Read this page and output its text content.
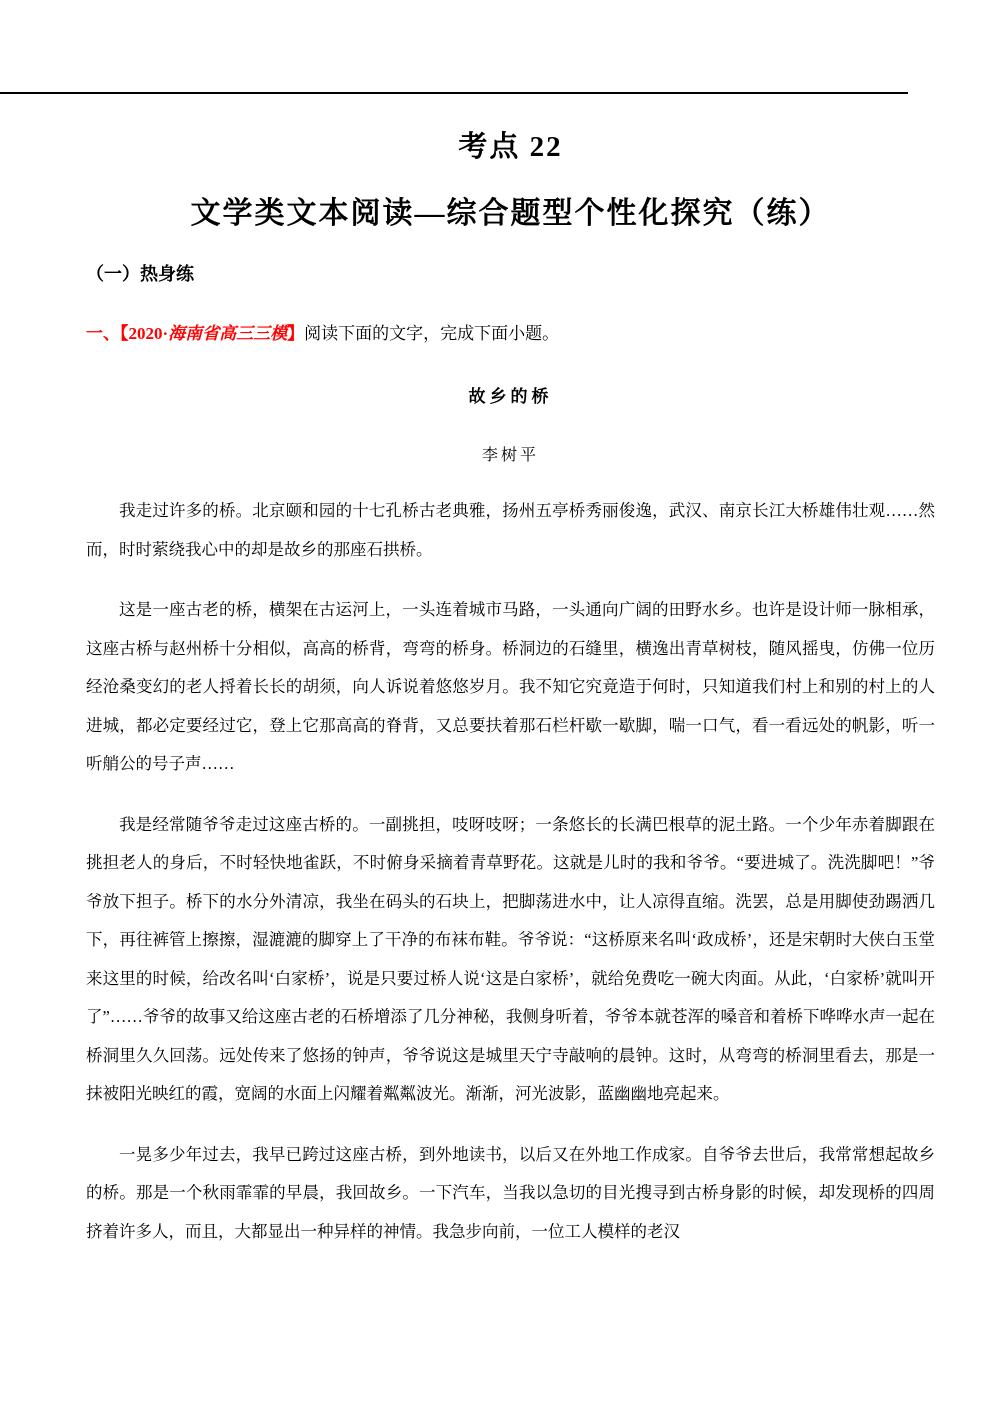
考点 22
文学类文本阅读—综合题型个性化探究（练）
（一）热身练
一、【2020·海南省高三三模】阅读下面的文字，完成下面小题。
故乡的桥
李树平

我走过许多的桥。北京颐和园的十七孔桥古老典雅，扬州五亭桥秀丽俊逸，武汉、南京长江大桥雄伟壮观……然而，时时萦绕我心中的却是故乡的那座石拱桥。

这是一座古老的桥，横架在古运河上，一头连着城市马路，一头通向广阔的田野水乡。也许是设计师一脉相承，这座古桥与赵州桥十分相似，高高的桥背，弯弯的桥身。桥洞边的石缝里，横逸出青草树枝，随风摇曳，仿佛一位历经沧桑变幻的老人捋着长长的胡须，向人诉说着悠悠岁月。我不知它究竟造于何时，只知道我们村上和别的村上的人进城，都必定要经过它，登上它那高高的脊背，又总要扶着那石栏杆歇一歇脚，喘一口气，看一看远处的帆影，听一听艄公的号子声……

我是经常随爷爷走过这座古桥的。一副挑担，吱呀吱呀；一条悠长的长满巴根草的泥土路。一个少年赤着脚跟在挑担老人的身后，不时轻快地雀跃，不时俯身采摘着青草野花。这就是儿时的我和爷爷。“要进城了。洗洗脚吧！”爷爷放下担子。桥下的水分外清凉，我坐在码头的石块上，把脚荡进水中，让人凉得直缩。洗罢，总是用脚使劲踢洒几下，再往裤管上擦擦，湿漉漉的脚穿上了干净的布袜布鞋。爷爷说：“这桥原来名叫‘政成桥’，还是宋朝时大侠白玉堂来这里的时候，给改名叫‘白家桥’，说是只要过桥人说‘这是白家桥’，就给免费吃一碗大肉面。从此，‘白家桥’就叫开了”……爷爷的故事又给这座古老的石桥增添了几分神秘，我侧身听着，爷爷本就苍浑的嗓音和着桥下哗哗水声一起在桥洞里久久回荡。远处传来了悠扬的钟声，爷爷说这是城里天宁寺敲响的晨钟。这时，从弯弯的桥洞里看去，那是一抹被阳光映红的霞，宽阔的水面上闪耀着粼粼波光。渐渐，河光波影，蓝幽幽地亮起来。

一晃多少年过去，我早已跨过这座古桥，到外地读书，以后又在外地工作成家。自爷爷去世后，我常常想起故乡的桥。那是一个秋雨霏霏的早晨，我回故乡。一下汽车，当我以急切的目光搜寻到古桥身影的时候，却发现桥的四周挤着许多人，而且，大都显出一种异样的神情。我急步向前，一位工人模样的老汉
